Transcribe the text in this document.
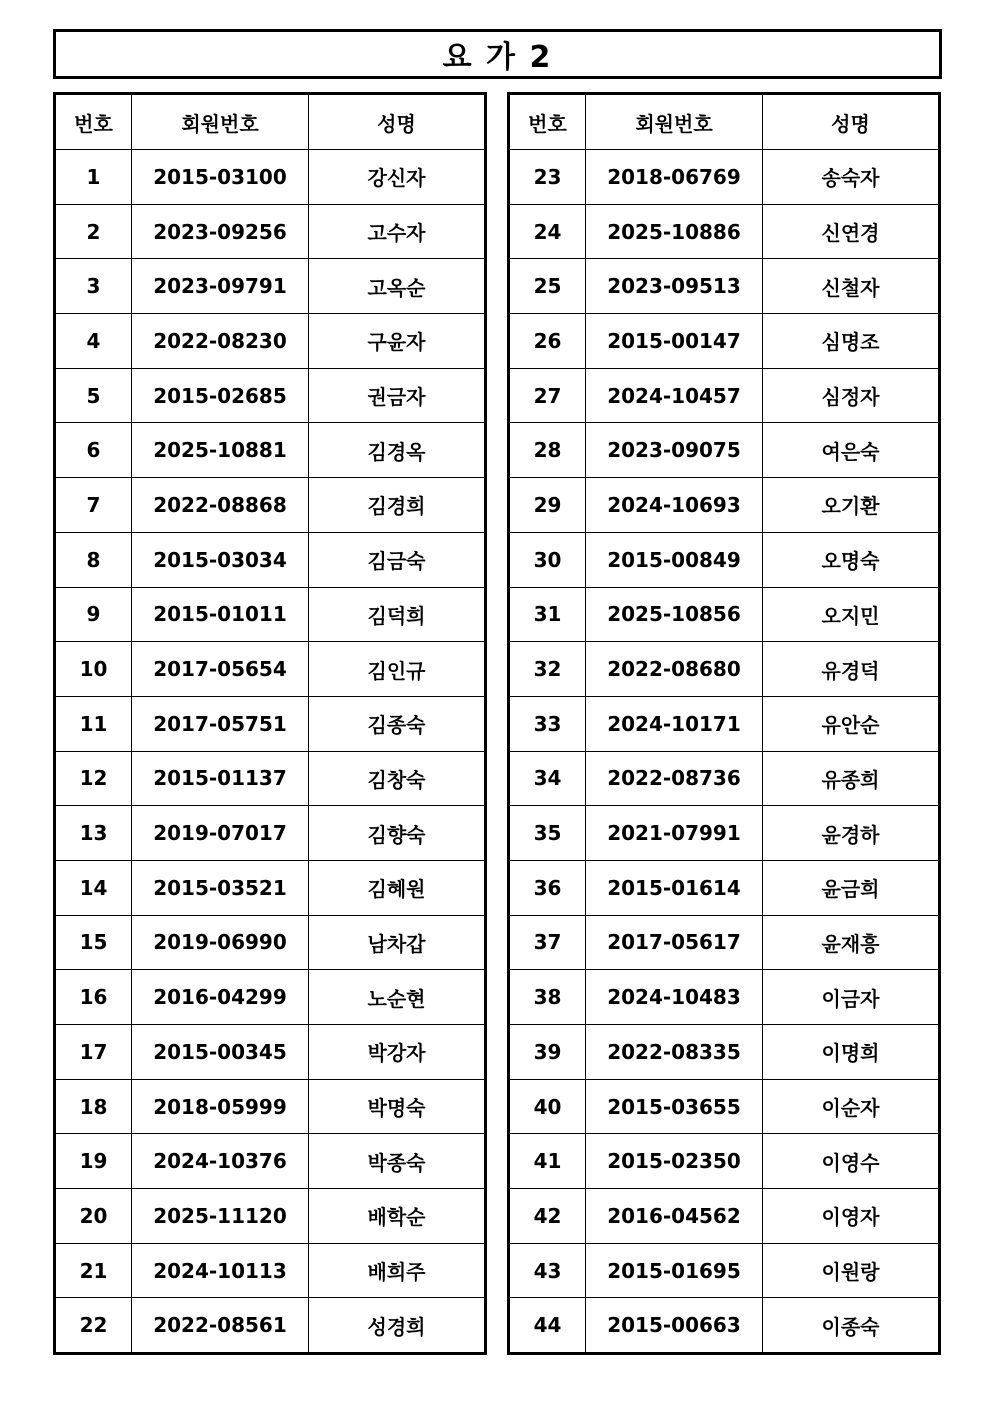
요 가 2
번호	회원번호	성명
1	2015-03100	강신자
2	2023-09256	고수자
3	2023-09791	고옥순
4	2022-08230	구윤자
5	2015-02685	권금자
6	2025-10881	김경옥
7	2022-08868	김경희
8	2015-03034	김금숙
9	2015-01011	김덕희
10	2017-05654	김인규
11	2017-05751	김종숙
12	2015-01137	김창숙
13	2019-07017	김향숙
14	2015-03521	김혜원
15	2019-06990	남차갑
16	2016-04299	노순현
17	2015-00345	박강자
18	2018-05999	박명숙
19	2024-10376	박종숙
20	2025-11120	배학순
21	2024-10113	배희주
22	2022-08561	성경희
번호	회원번호	성명
23	2018-06769	송숙자
24	2025-10886	신연경
25	2023-09513	신철자
26	2015-00147	심명조
27	2024-10457	심정자
28	2023-09075	여은숙
29	2024-10693	오기환
30	2015-00849	오명숙
31	2025-10856	오지민
32	2022-08680	유경덕
33	2024-10171	유안순
34	2022-08736	유종희
35	2021-07991	윤경하
36	2015-01614	윤금희
37	2017-05617	윤재흥
38	2024-10483	이금자
39	2022-08335	이명희
40	2015-03655	이순자
41	2015-02350	이영수
42	2016-04562	이영자
43	2015-01695	이원랑
44	2015-00663	이종숙
